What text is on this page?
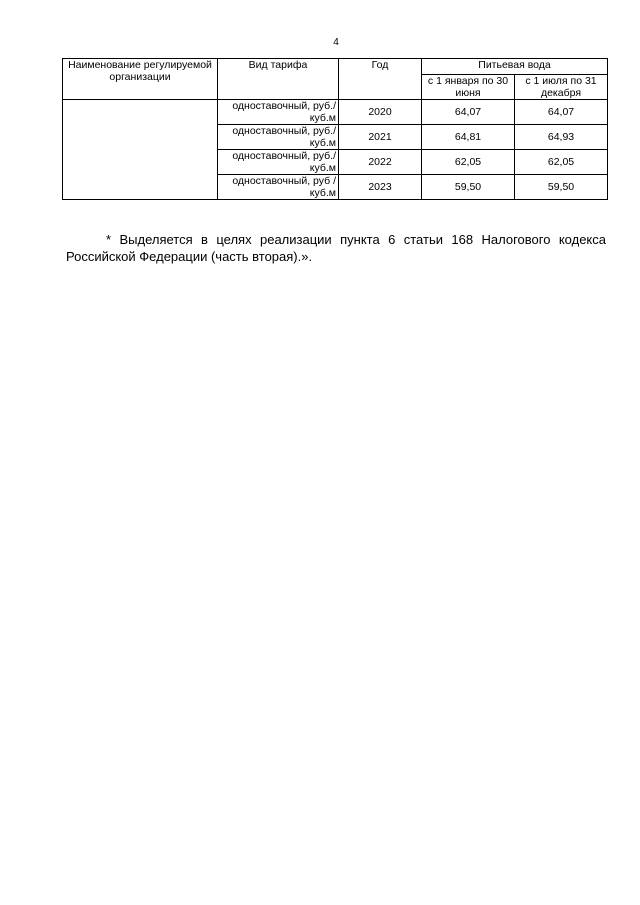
4
Наименование регулируемой организации	Вид тарифа	Год	Питьевая вода	
			с 1 января по 30 июня	с 1 июля по 31 декабря
	одноставочный, руб./куб.м	2020	64,07	64,07
	одноставочный, руб./куб.м	2021	64,81	64,93
	одноставочный, руб./куб.м	2022	62,05	62,05
	одноставочный, руб /куб.м	2023	59,50	59,50

* Выделяется в целях реализации пункта 6 статьи 168 Налогового кодекса Российской Федерации (часть вторая).».
